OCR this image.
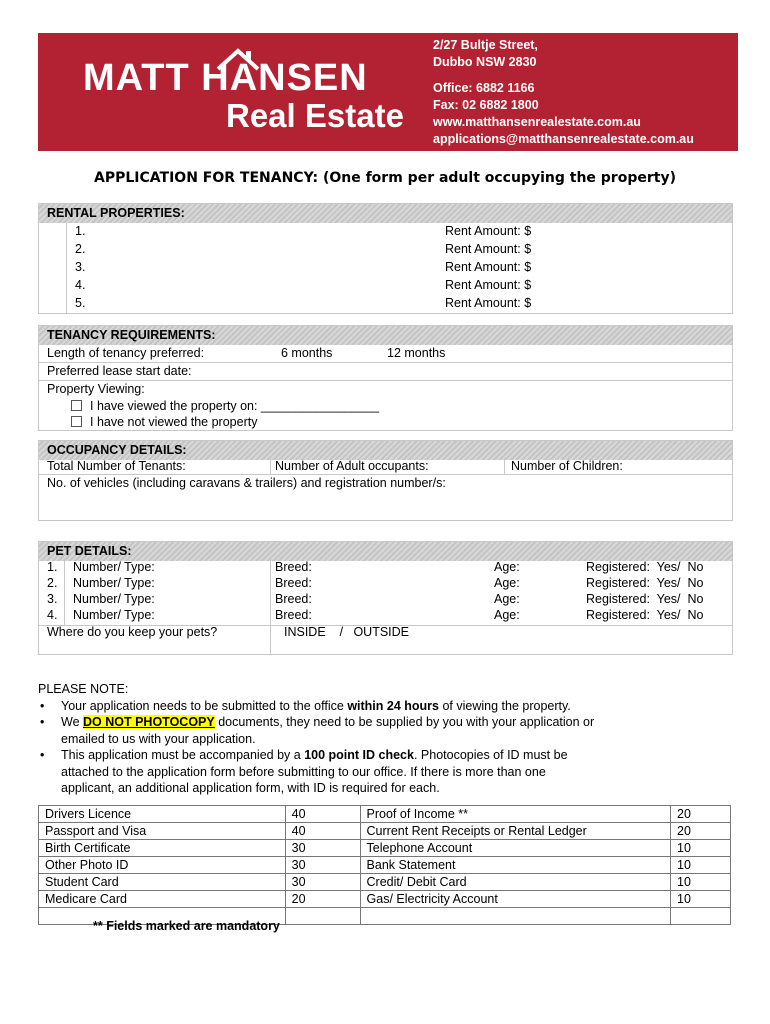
MATT HANSEN
Real Estate
2/27 Bultje Street,
Dubbo NSW 2830
Office: 6882 1166
Fax: 02 6882 1800
www.matthansenrealestate.com.au
applications@matthansenrealestate.com.au
APPLICATION FOR TENANCY: (One form per adult occupying the property)
RENTAL PROPERTIES:
1.	Rent Amount: $
2.	Rent Amount: $
3.	Rent Amount: $
4.	Rent Amount: $
5.	Rent Amount: $
TENANCY REQUIREMENTS:
Length of tenancy preferred:	6 months	12 months
Preferred lease start date:
Property Viewing:
I have viewed the property on: _________________
I have not viewed the property
OCCUPANCY DETAILS:
Total Number of Tenants:	Number of Adult occupants:	Number of Children:
No. of vehicles (including caravans & trailers) and registration number/s:
PET DETAILS:
1. Number/ Type:	Breed:	Age:	Registered:  Yes/  No
2. Number/ Type:	Breed:	Age:	Registered:  Yes/  No
3. Number/ Type:	Breed:	Age:	Registered:  Yes/  No
4. Number/ Type:	Breed:	Age:	Registered:  Yes/  No
Where do you keep your pets?	INSIDE    /   OUTSIDE
PLEASE NOTE:
• Your application needs to be submitted to the office within 24 hours of viewing the property.
• We DO NOT PHOTOCOPY documents, they need to be supplied by you with your application or
emailed to us with your application.
• This application must be accompanied by a 100 point ID check. Photocopies of ID must be
attached to the application form before submitting to our office. If there is more than one
applicant, an additional application form, with ID is required for each.
Drivers Licence	40	Proof of Income **	20
Passport and Visa	40	Current Rent Receipts or Rental Ledger	20
Birth Certificate	30	Telephone Account	10
Other Photo ID	30	Bank Statement	10
Student Card	30	Credit/ Debit Card	10
Medicare Card	20	Gas/ Electricity Account	10

** Fields marked are mandatory
